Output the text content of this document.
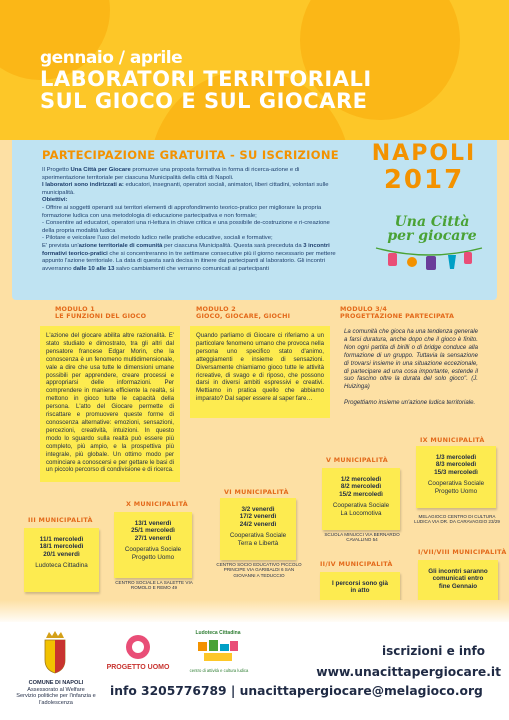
gennaio / aprile
LABORATORI TERRITORIALI
SUL GIOCO E SUL GIOCARE
PARTECIPAZIONE GRATUITA - SU ISCRIZIONE

Il Progetto Una Città per Giocare promuove una proposta formativa in forma di ricerca-azione e di sperimentazione territoriale per ciascuna Municipalità della città di Napoli.

I laboratori sono indirizzati a: educatori, insegnanti, operatori sociali, animatori, liberi cittadini, volontari sulle municipalità.

Obiettivi:

- Offrire ai soggetti operanti sui territori elementi di approfondimento teorico-pratico per migliorare la propria formazione ludica con una metodologia di educazione partecipativa e non formale;

- Consentire ad educatori, operatori una ri-lettura in chiave critica e una possibile de-costruzione e ri-creazione della propria modalità ludica

- Pilotare e veicolare l'uso del metodo ludico nelle pratiche educative, sociali e formative;

E' prevista un'azione territoriale di comunità per ciascuna Municipalità. Questa sarà preceduta da 3 incontri formativi teorico-pratici che si concentreranno in tre settimane consecutive più il giorno necessario per mettere appunto l'azione territoriale. La data di questa sarà decisa in itinere dai partecipanti al laboratorio. Gli incontri avverranno dalle 10 alle 13 salvo cambiamenti che verranno comunicati ai partecipanti

NAPOLI
2017
Una Città
per giocare
MODULO 1
LE FUNZIONI DEL GIOCO
MODULO 2
GIOCO, GIOCARE, GIOCHI
MODULO 3/4
PROGETTAZIONE PARTECIPATA
L'azione del giocare abilita altre razionalità. E' stato studiato e dimostrato, tra gli altri dal pensatore francese Edgar Morin, che la conoscenza è un fenomeno multidimensionale, vale a dire che usa tutte le dimensioni umane possibili per apprendere, creare processi e appropriarsi delle informazioni. Per comprendere in maniera efficiente la realtà, si mettono in gioco tutte le capacità della persona. L'atto del Giocare permette di riscattare e promuovere queste forme di conoscenza alternative: emozioni, sensazioni, percezioni, creatività, intuizioni. In questo modo lo sguardo sulla realtà può essere più completo, più ampio, e la prospettiva più integrale, più globale. Un ottimo modo per cominciare a conoscersi e per gettare le basi di un piccolo percorso di condivisione e di ricerca.
Quando parliamo di Giocare ci riferiamo a un particolare fenomeno umano che provoca nella persona uno specifico stato d'animo, atteggiamenti e insieme di sensazioni. Diversamente chiamiamo gioco tutte le attività ricreative, di svago e di riposo, che possono darsi in diversi ambiti espressivi e creativi. Mettiamo in pratica quello che abbiamo imparato? Dal saper essere al saper fare…
La comunità che gioca ha una tendenza generale a farsi duratura, anche dopo che il gioco è finito. Non ogni partita di birilli o di bridge conduce alla formazione di un gruppo. Tuttavia la sensazione di trovarsi insieme in una situazione eccezionale, di partecipare ad una cosa importante, estende il suo fascino oltre la durata del solo gioco". (J. Huizinga)
Progettiamo insieme un'azione ludica territoriale.
III MUNICIPALITÀ
11/1 mercoledì
18/1 mercoledì
20/1 venerdì
Ludoteca Cittadina
X MUNICIPALITÀ
13/1 venerdì
25/1 mercoledì
27/1 venerdì
Cooperativa Sociale Progetto Uomo
CENTRO SOCIALE LA SALETTE VIA ROMOLO E REMO 49
VI MUNICIPALITÀ
3/2 venerdì
17/2 venerdì
24/2 venerdì
Cooperativa Sociale Terra e Libertà
CENTRO SOCIO EDUCATIVO PICCOLO PRINCIPE VIA GARIBALDI 6 SAN GIOVANNI A TEDUCCIO
V MUNICIPALITÀ
1/2 mercoledì
8/2 mercoledì
15/2 mercoledì
Cooperativa Sociale La Locomotiva
SCUOLA MINUCCI VIA BERNARDO CAVALLINO 54
IX MUNICIPALITÀ
1/3 mercoledì
8/3 mercoledì
15/3 mercoledì
Cooperativa Sociale Progetto Uomo
MELAGIOCO CENTRO DI CULTURA LUDICA VIA DR. DA CARAVAGGIO 23/29
II/IV MUNICIPALITÀ
I percorsi sono già in atto
I/VII/VIII MUNICIPALITÀ
Gli incontri saranno comunicati entro fine Gennaio
COMUNE DI NAPOLI
Assessorato al Welfare
Servizio politiche per l'infanzia e l'adolescenza
PROGETTO UOMO
Ludoteca Cittadina
centro di attività e cultura ludica
iscrizioni e info
www.unacittapergiocare.it
info 3205776789 | unacittapergiocare@melagioco.org
